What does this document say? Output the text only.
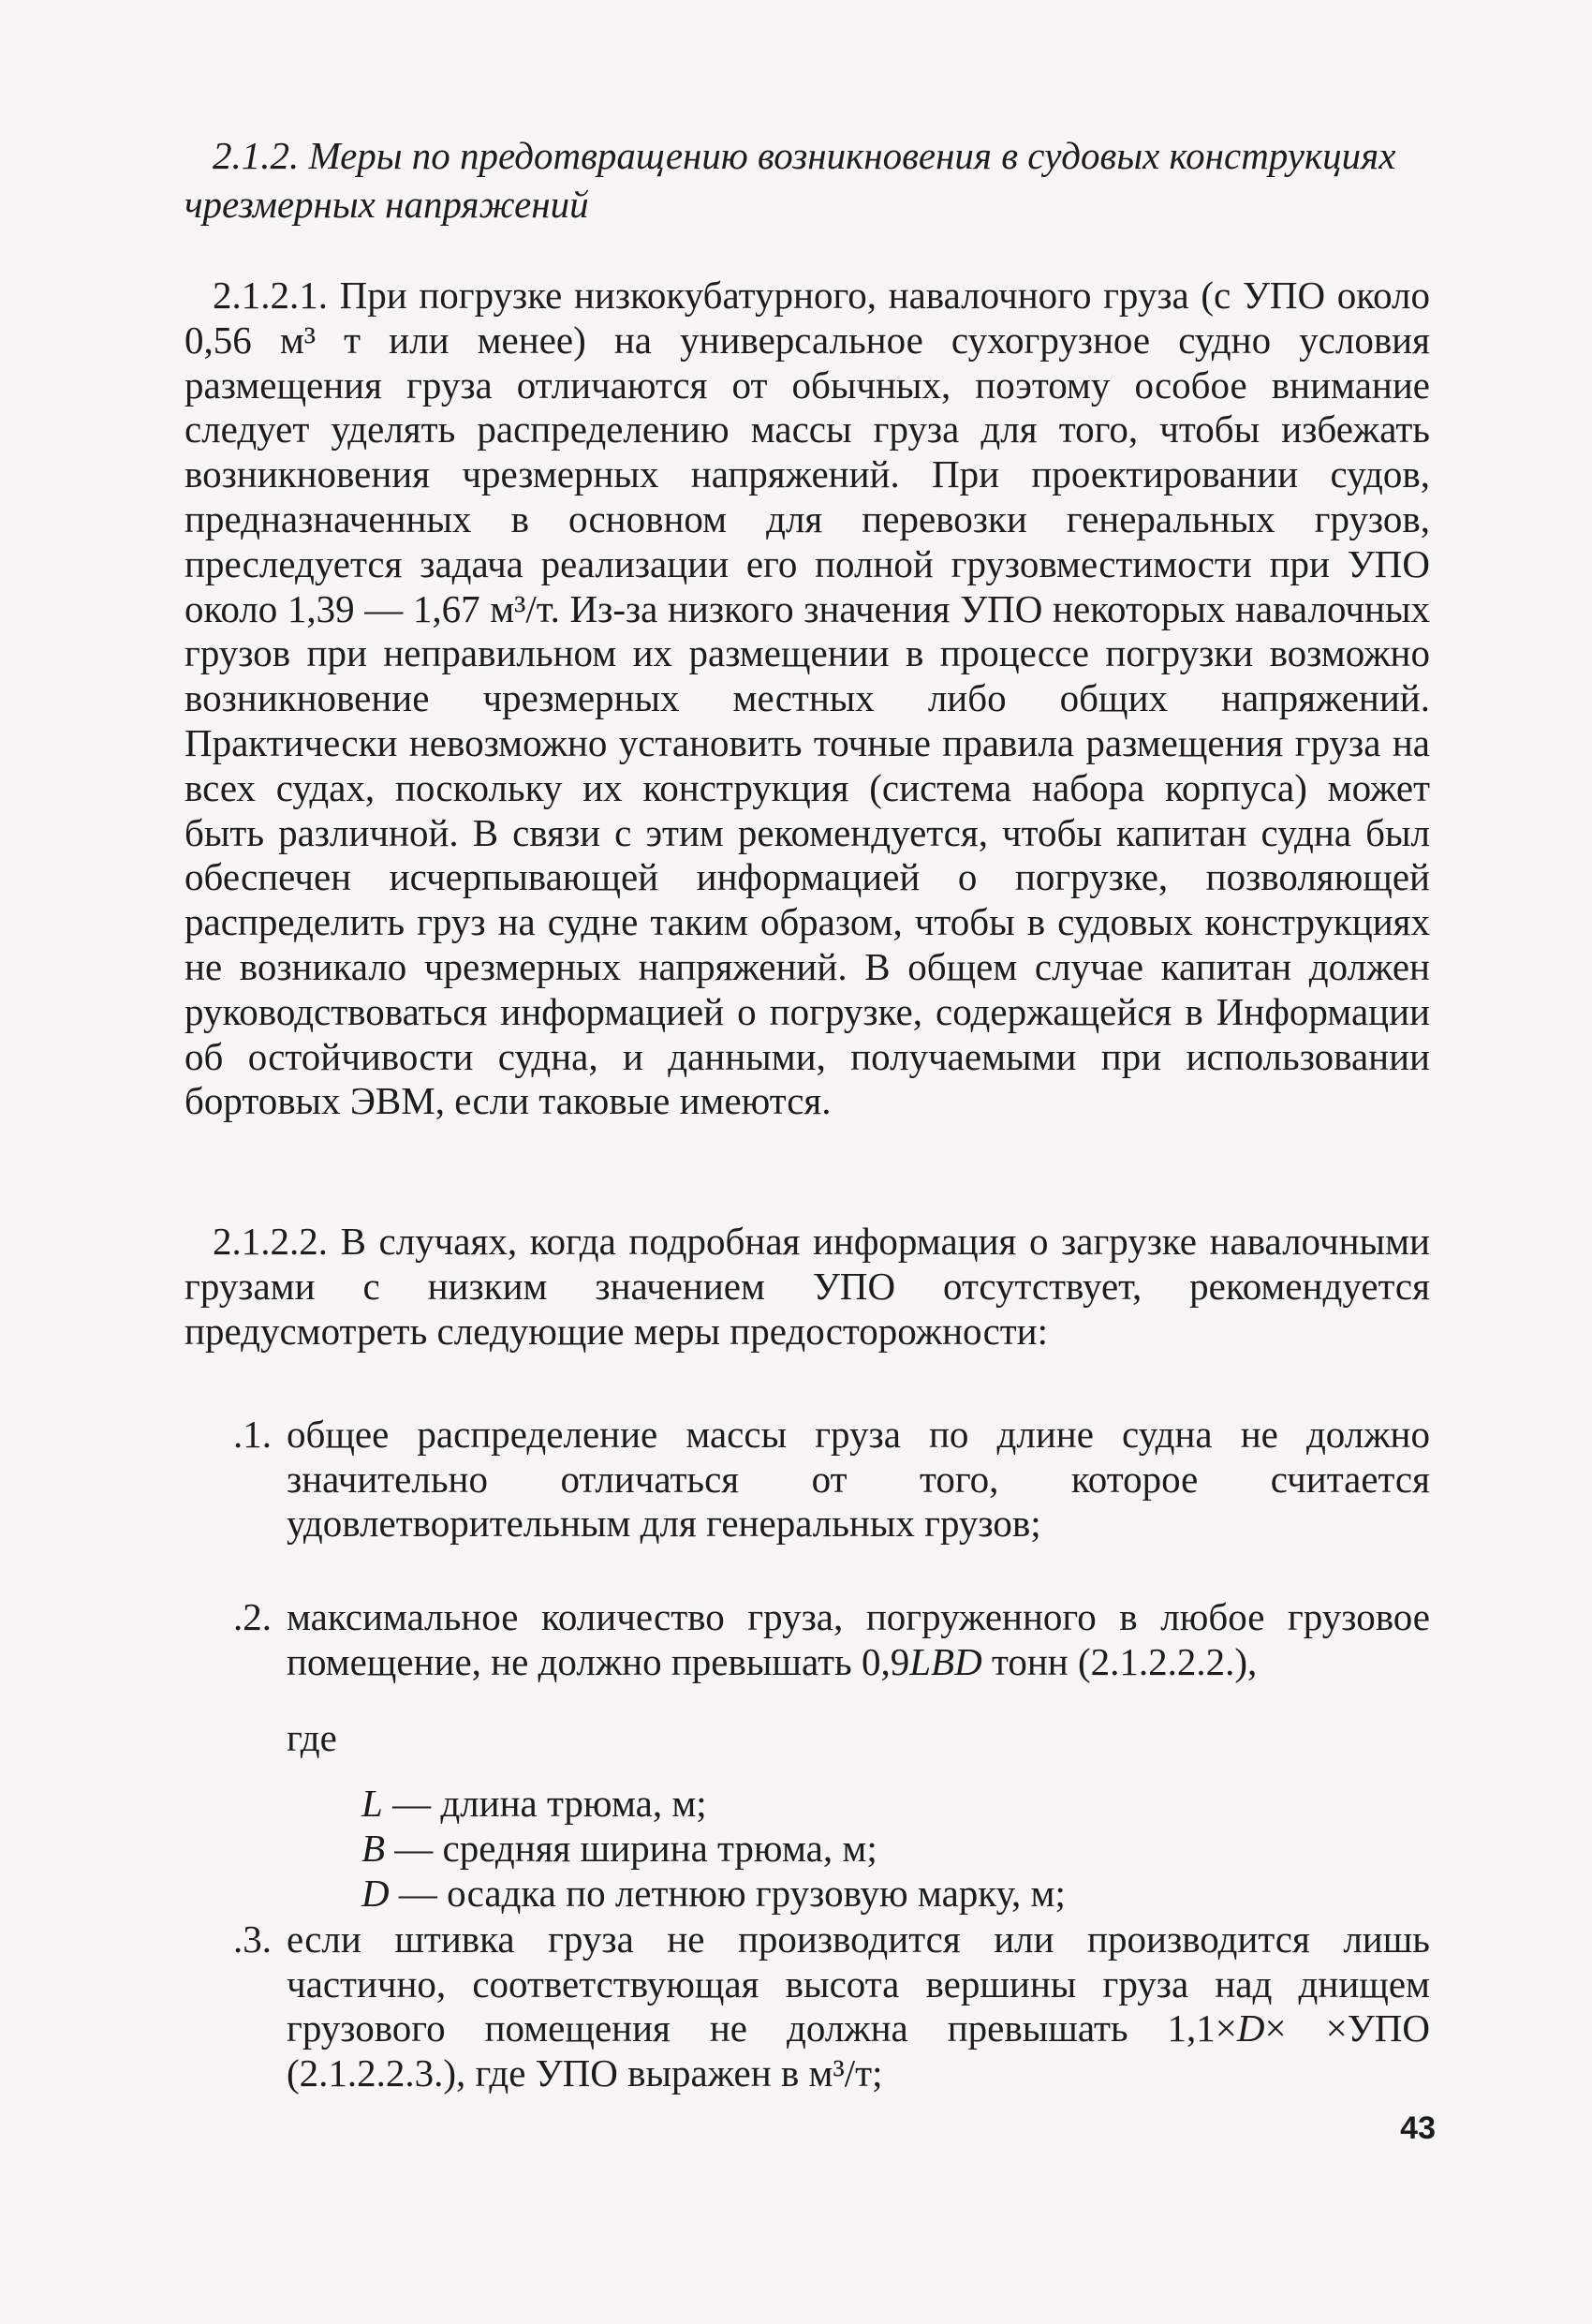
2.1.2. Меры по предотвращению возникновения в судовых конструкциях чрезмерных напряжений
2.1.2.1. При погрузке низкокубатурного, навалочного груза (с УПО около 0,56 м³ т или менее) на универсальное сухогрузное судно условия размещения груза отличаются от обычных, поэтому особое внимание следует уделять распределению массы груза для того, чтобы избежать возникновения чрезмерных напряжений. При проектировании судов, предназначенных в основном для перевозки генеральных грузов, преследуется задача реализации его полной грузовместимости при УПО около 1,39 — 1,67 м³/т. Из-за низкого значения УПО некоторых навалочных грузов при неправильном их размещении в процессе погрузки возможно возникновение чрезмерных местных либо общих напряжений. Практически невозможно установить точные правила размещения груза на всех судах, поскольку их конструкция (система набора корпуса) может быть различной. В связи с этим рекомендуется, чтобы капитан судна был обеспечен исчерпывающей информацией о погрузке, позволяющей распределить груз на судне таким образом, чтобы в судовых конструкциях не возникало чрезмерных напряжений. В общем случае капитан должен руководствоваться информацией о погрузке, содержащейся в Информации об остойчивости судна, и данными, получаемыми при использовании бортовых ЭВМ, если таковые имеются.
2.1.2.2. В случаях, когда подробная информация о загрузке навалочными грузами с низким значением УПО отсутствует, рекомендуется предусмотреть следующие меры предосторожности:
.1. общее распределение массы груза по длине судна не должно значительно отличаться от того, которое считается удовлетворительным для генеральных грузов;
.2. максимальное количество груза, погруженного в любое грузовое помещение, не должно превышать 0,9LBD тонн (2.1.2.2.2.),
где
L — длина трюма, м;
B — средняя ширина трюма, м;
D — осадка по летнюю грузовую марку, м;
.3. если штивка груза не производится или производится лишь частично, соответствующая высота вершины груза над днищем грузового помещения не должна превышать 1,1×D× ×УПО (2.1.2.2.3.), где УПО выражен в м³/т;
43
